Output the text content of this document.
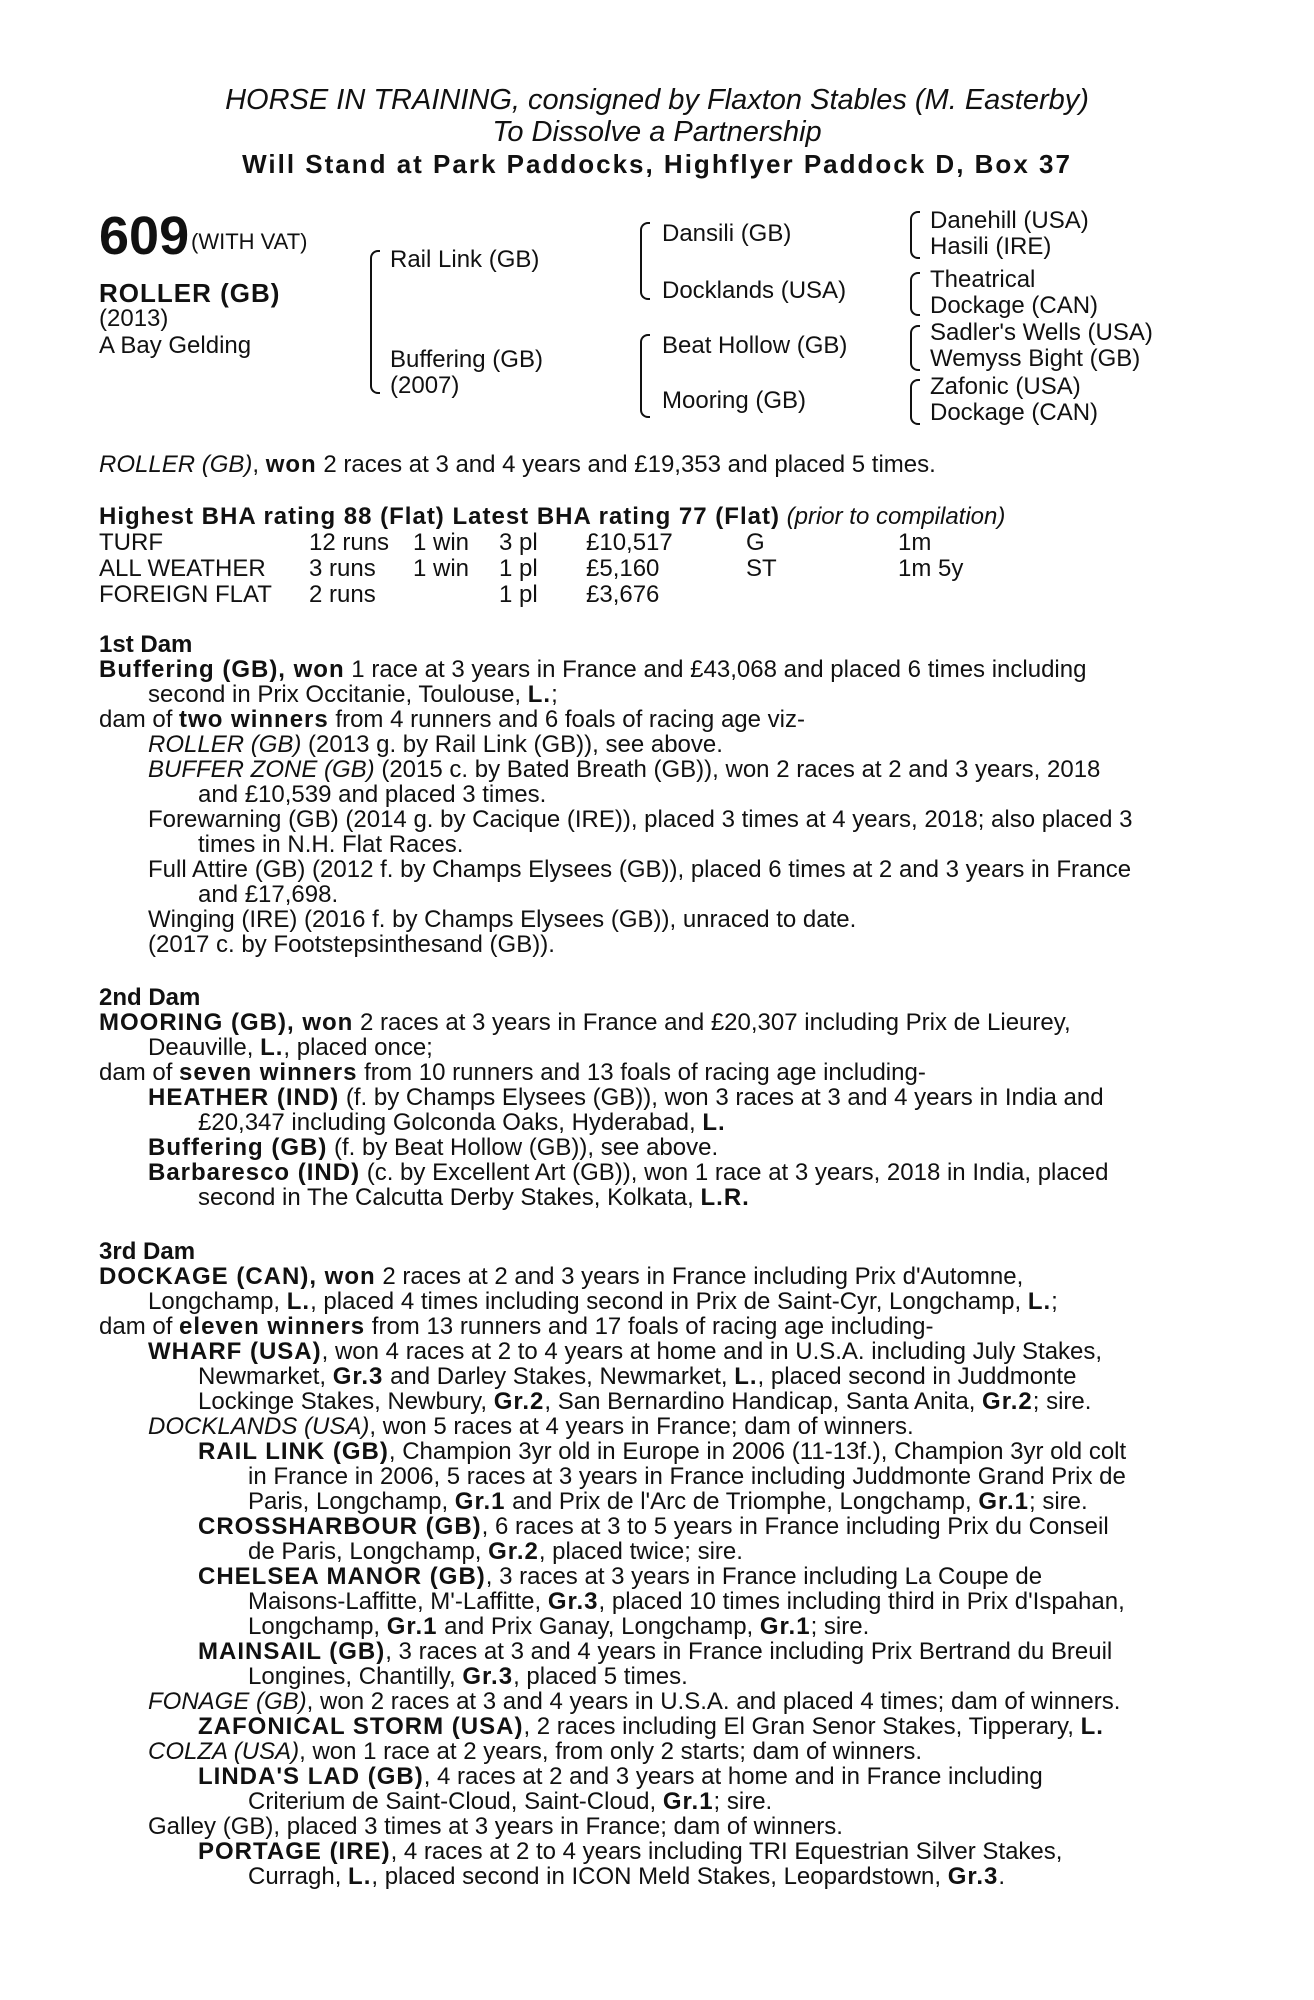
HORSE IN TRAINING, consigned by Flaxton Stables (M. Easterby)
To Dissolve a Partnership
Will Stand at Park Paddocks, Highflyer Paddock D, Box 37
609 (WITH VAT)
ROLLER (GB)
(2013)
A Bay Gelding
Rail Link (GB)
Buffering (GB)
(2007)
Dansili (GB)
Docklands (USA)
Beat Hollow (GB)
Mooring (GB)
Danehill (USA)
Hasili (IRE)
Theatrical
Dockage (CAN)
Sadler's Wells (USA)
Wemyss Bight (GB)
Zafonic (USA)
Dockage (CAN)
ROLLER (GB), won 2 races at 3 and 4 years and £19,353 and placed 5 times.
Highest BHA rating 88 (Flat) Latest BHA rating 77 (Flat) (prior to compilation)
TURF	12 runs 1 win 3 pl £10,517	G	1m
ALL WEATHER 3 runs 1 win 1 pl £5,160	ST	1m 5y
FOREIGN FLAT 2 runs	1 pl £3,676
1st Dam
Buffering (GB), won 1 race at 3 years in France and £43,068 and placed 6 times including
second in Prix Occitanie, Toulouse, L.;
dam of two winners from 4 runners and 6 foals of racing age viz-
ROLLER (GB) (2013 g. by Rail Link (GB)), see above.
BUFFER ZONE (GB) (2015 c. by Bated Breath (GB)), won 2 races at 2 and 3 years, 2018
and £10,539 and placed 3 times.
Forewarning (GB) (2014 g. by Cacique (IRE)), placed 3 times at 4 years, 2018; also placed 3
times in N.H. Flat Races.
Full Attire (GB) (2012 f. by Champs Elysees (GB)), placed 6 times at 2 and 3 years in France
and £17,698.
Winging (IRE) (2016 f. by Champs Elysees (GB)), unraced to date.
(2017 c. by Footstepsinthesand (GB)).
2nd Dam
MOORING (GB), won 2 races at 3 years in France and £20,307 including Prix de Lieurey,
Deauville, L., placed once;
dam of seven winners from 10 runners and 13 foals of racing age including-
HEATHER (IND) (f. by Champs Elysees (GB)), won 3 races at 3 and 4 years in India and
£20,347 including Golconda Oaks, Hyderabad, L.
Buffering (GB) (f. by Beat Hollow (GB)), see above.
Barbaresco (IND) (c. by Excellent Art (GB)), won 1 race at 3 years, 2018 in India, placed
second in The Calcutta Derby Stakes, Kolkata, L.R.
3rd Dam
DOCKAGE (CAN), won 2 races at 2 and 3 years in France including Prix d'Automne,
Longchamp, L., placed 4 times including second in Prix de Saint-Cyr, Longchamp, L.;
dam of eleven winners from 13 runners and 17 foals of racing age including-
WHARF (USA), won 4 races at 2 to 4 years at home and in U.S.A. including July Stakes,
Newmarket, Gr.3 and Darley Stakes, Newmarket, L., placed second in Juddmonte
Lockinge Stakes, Newbury, Gr.2, San Bernardino Handicap, Santa Anita, Gr.2; sire.
DOCKLANDS (USA), won 5 races at 4 years in France; dam of winners.
RAIL LINK (GB), Champion 3yr old in Europe in 2006 (11-13f.), Champion 3yr old colt
in France in 2006, 5 races at 3 years in France including Juddmonte Grand Prix de
Paris, Longchamp, Gr.1 and Prix de l'Arc de Triomphe, Longchamp, Gr.1; sire.
CROSSHARBOUR (GB), 6 races at 3 to 5 years in France including Prix du Conseil
de Paris, Longchamp, Gr.2, placed twice; sire.
CHELSEA MANOR (GB), 3 races at 3 years in France including La Coupe de
Maisons-Laffitte, M'-Laffitte, Gr.3, placed 10 times including third in Prix d'Ispahan,
Longchamp, Gr.1 and Prix Ganay, Longchamp, Gr.1; sire.
MAINSAIL (GB), 3 races at 3 and 4 years in France including Prix Bertrand du Breuil
Longines, Chantilly, Gr.3, placed 5 times.
FONAGE (GB), won 2 races at 3 and 4 years in U.S.A. and placed 4 times; dam of winners.
ZAFONICAL STORM (USA), 2 races including El Gran Senor Stakes, Tipperary, L.
COLZA (USA), won 1 race at 2 years, from only 2 starts; dam of winners.
LINDA'S LAD (GB), 4 races at 2 and 3 years at home and in France including
Criterium de Saint-Cloud, Saint-Cloud, Gr.1; sire.
Galley (GB), placed 3 times at 3 years in France; dam of winners.
PORTAGE (IRE), 4 races at 2 to 4 years including TRI Equestrian Silver Stakes,
Curragh, L., placed second in ICON Meld Stakes, Leopardstown, Gr.3.
